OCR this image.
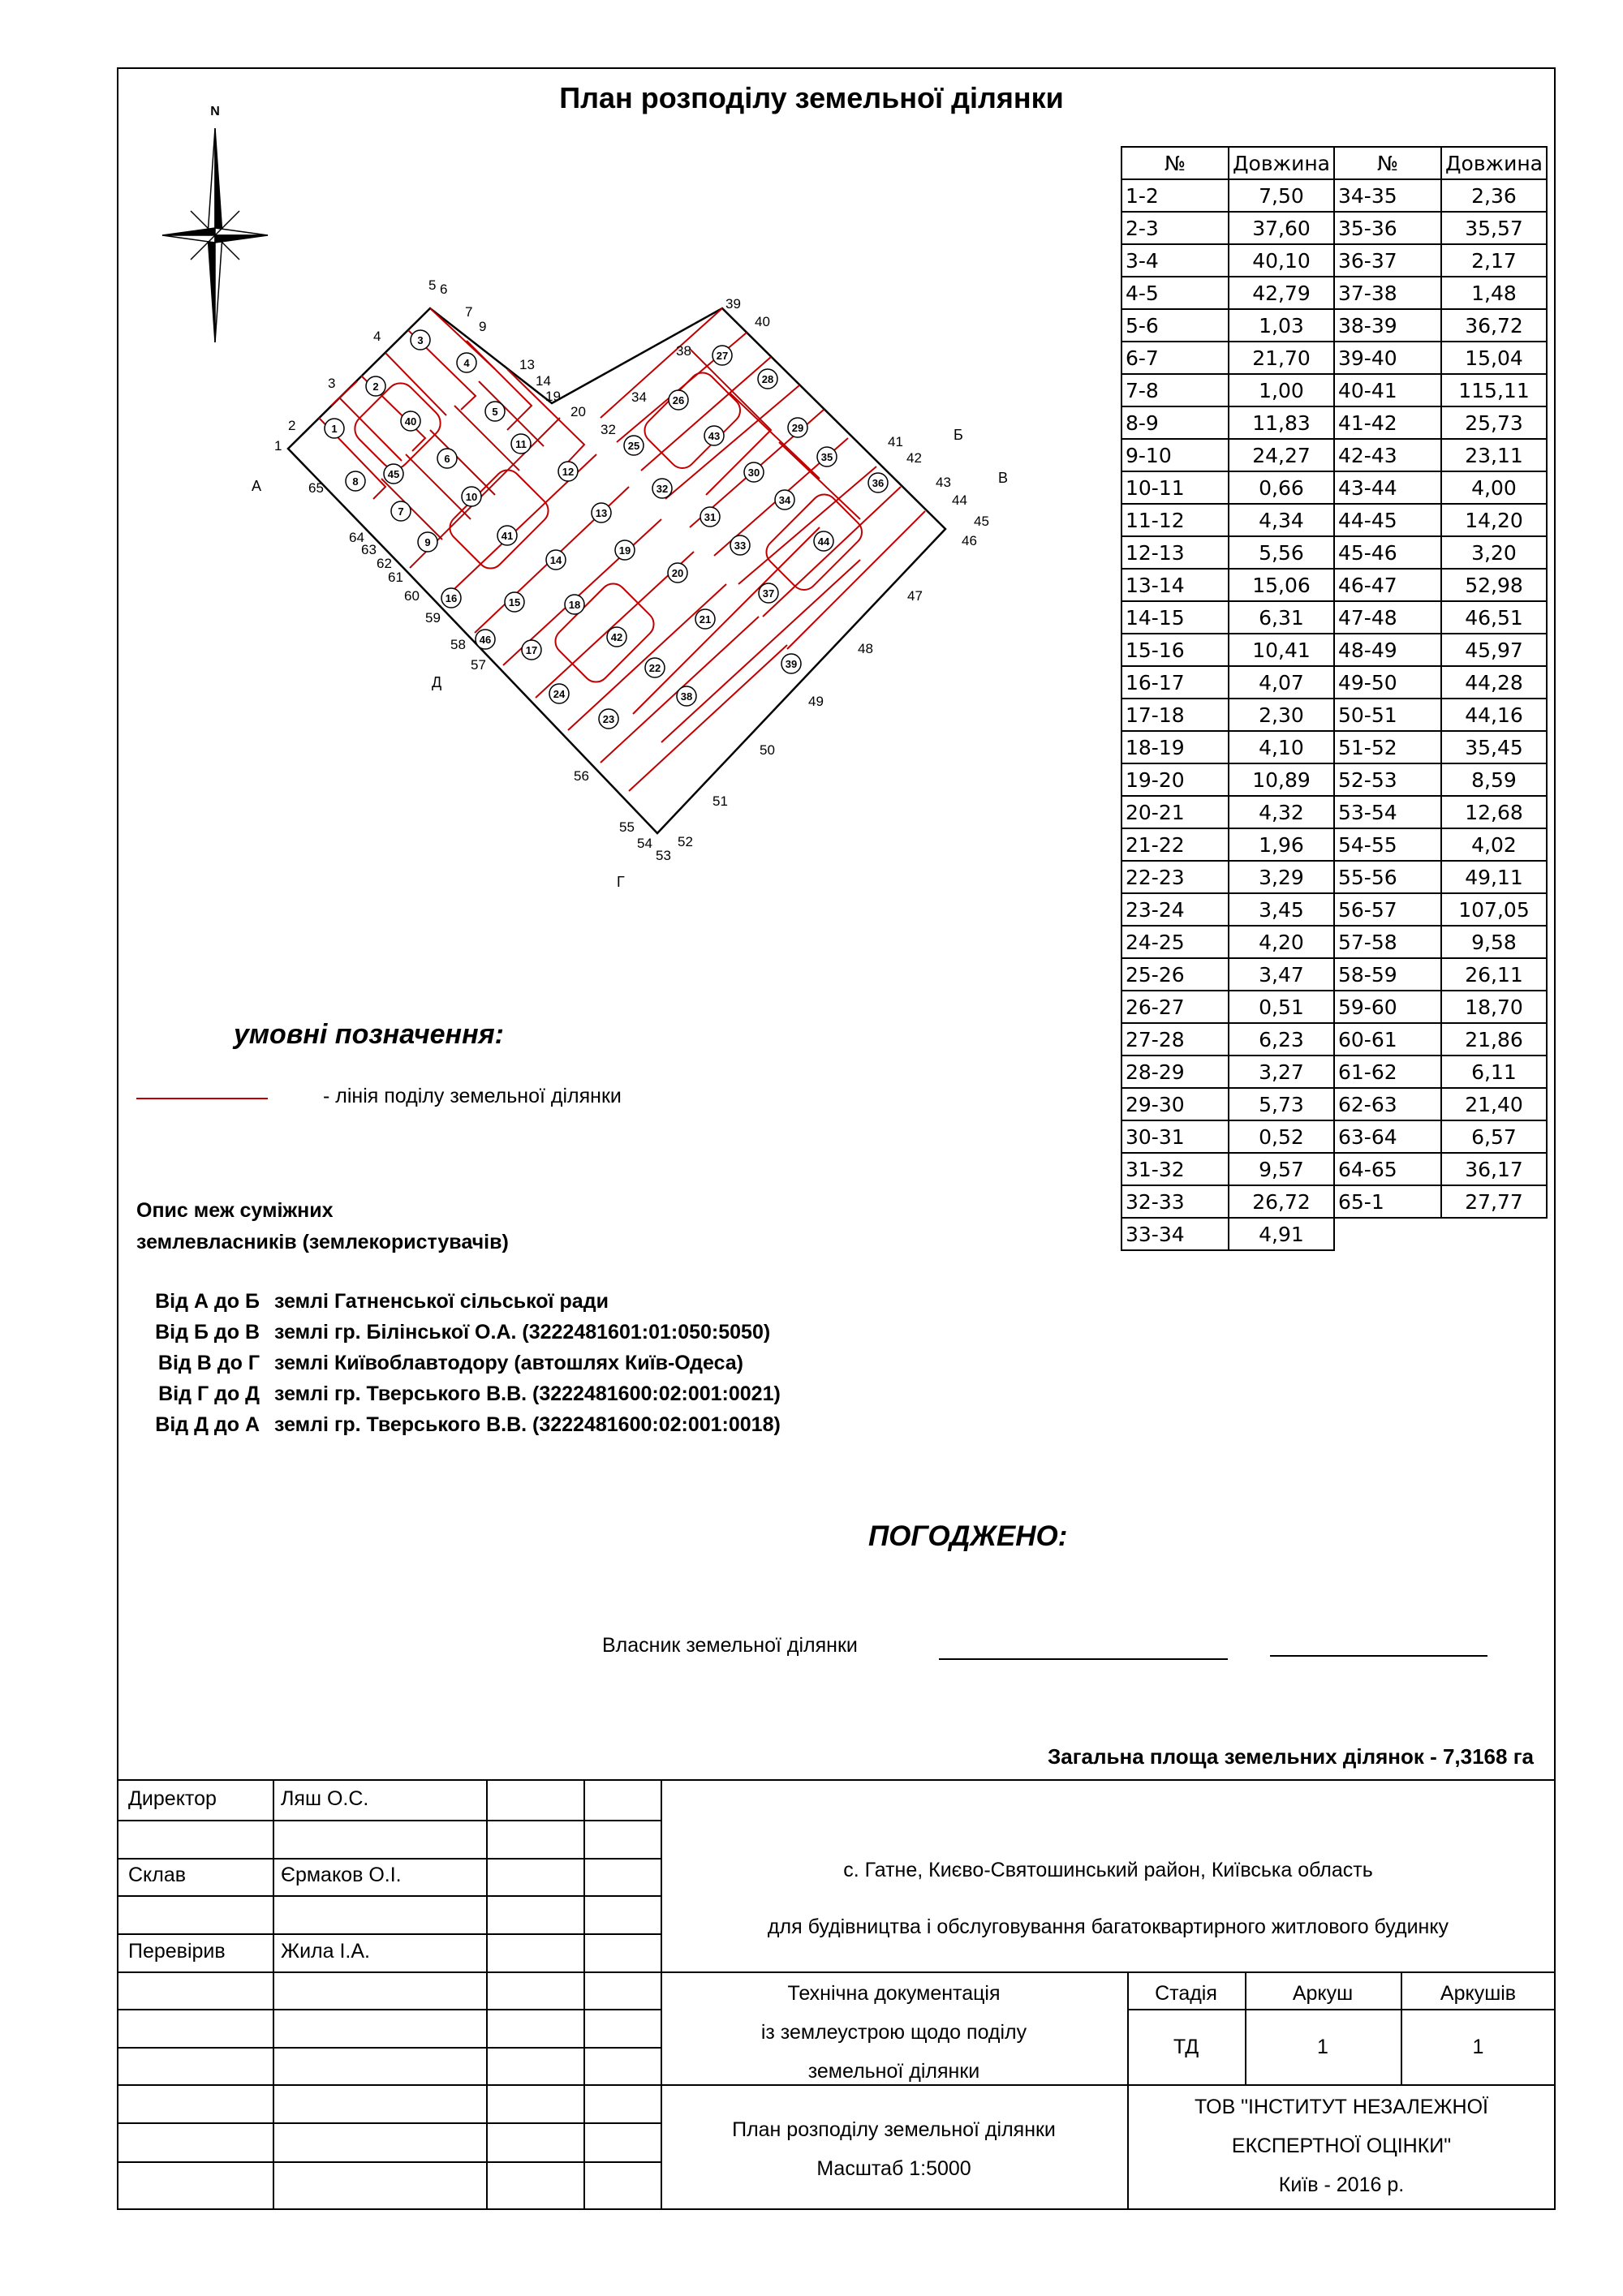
План розподілу земельної ділянки
№	Довжина	№	Довжина
1-2	7,50	34-35	2,36
2-3	37,60	35-36	35,57
3-4	40,10	36-37	2,17
4-5	42,79	37-38	1,48
5-6	1,03	38-39	36,72
6-7	21,70	39-40	15,04
7-8	1,00	40-41	115,11
8-9	11,83	41-42	25,73
9-10	24,27	42-43	23,11
10-11	0,66	43-44	4,00
11-12	4,34	44-45	14,20
12-13	5,56	45-46	3,20
13-14	15,06	46-47	52,98
14-15	6,31	47-48	46,51
15-16	10,41	48-49	45,97
16-17	4,07	49-50	44,28
17-18	2,30	50-51	44,16
18-19	4,10	51-52	35,45
19-20	10,89	52-53	8,59
20-21	4,32	53-54	12,68
21-22	1,96	54-55	4,02
22-23	3,29	55-56	49,11
23-24	3,45	56-57	107,05
24-25	4,20	57-58	9,58
25-26	3,47	58-59	26,11
26-27	0,51	59-60	18,70
27-28	6,23	60-61	21,86
28-29	3,27	61-62	6,11
29-30	5,73	62-63	21,40
30-31	0,52	63-64	6,57
31-32	9,57	64-65	36,17
32-33	26,72	65-1	27,77
33-34	4,91		
N
1
2
3
4
5 6
7
9
13
14
19
20
32
34
38
39
40
41
42
43
44
45
46
47
48
49
50
51
52
53
54
55
56
57
58
59
60
61
62
63
64
65
А
Б
В
Г
Д
1
2
3
4
5
6
7
8
9
10
11
12
13
14
15
16
17
18
19
20
21
22
23
24
25
26
27
28
29
30
31
32
33
34
35
36
37
38
39
40
41
42
43
44
45
46
умовні позначення:
- лінія поділу земельної ділянки
Опис меж суміжних
землевласників (землекористувачів)
Від А до Б землі Гатненської сільської ради
Від Б до В землі гр. Білінської О.А. (3222481601:01:050:5050)
Від В до Г землі Київоблавтодору (автошлях Київ-Одеса)
Від Г до Д землі гр. Тверського В.В. (3222481600:02:001:0021)
Від Д до А землі гр. Тверського В.В. (3222481600:02:001:0018)
ПОГОДЖЕНО:
Власник земельної ділянки
Загальна площа земельних ділянок - 7,3168 га
Директор	Ляш О.С.
Склав	Єрмаков О.І.
Перевірив	Жила І.А.
с. Гатне, Києво-Святошинський район, Київська область
для будівництва і обслуговування багатоквартирного житлового будинку
Технічна документація
із землеустрою щодо поділу
земельної ділянки
Стадія	Аркуш	Аркушів
ТД	1	1
План розподілу земельної ділянки
Масштаб 1:5000
ТОВ "ІНСТИТУТ НЕЗАЛЕЖНОЇ
ЕКСПЕРТНОЇ ОЦІНКИ"
Київ - 2016 р.
